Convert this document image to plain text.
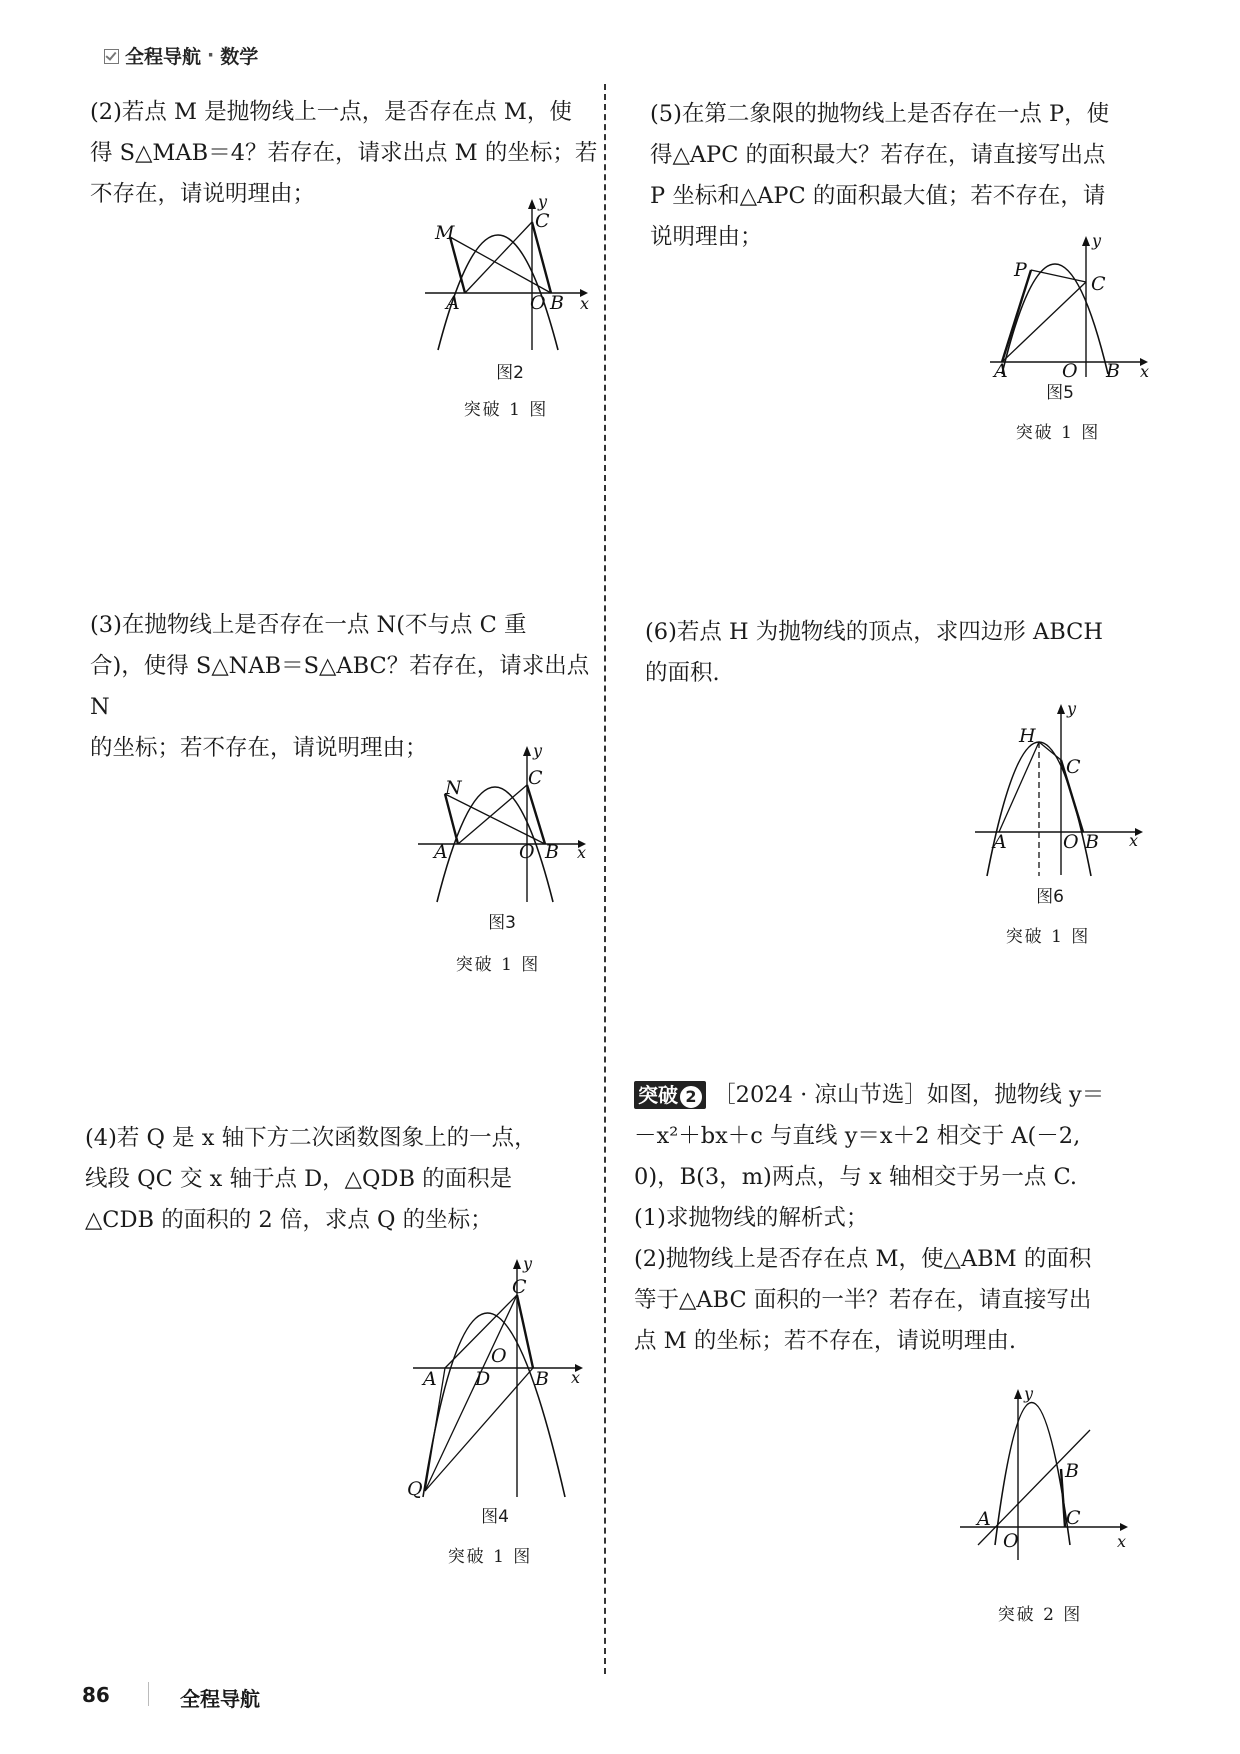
全程导航 · 数学
(2)若点 M 是抛物线上一点，是否存在点 M，使
得 S△MAB＝4？若存在，请求出点 M 的坐标；若
不存在，请说明理由；
M
C
A	O B x
y
图2
突破 1 图
(3)在抛物线上是否存在一点 N(不与点 C 重
合)，使得 S△NAB＝S△ABC？若存在，请求出点 N
的坐标；若不存在，请说明理由；
N	C
A	O B x
y
图3
突破 1 图
(4)若 Q 是 x 轴下方二次函数图象上的一点，
线段 QC 交 x 轴于点 D，△QDB 的面积是
△CDB 的面积的 2 倍，求点 Q 的坐标；
C
O
A D B
Q
x
y
图4
突破 1 图
(5)在第二象限的抛物线上是否存在一点 P，使
得△APC 的面积最大？若存在，请直接写出点
P 坐标和△APC 的面积最大值；若不存在，请
说明理由；
P
C
A	O B x
y
图5
突破 1 图
(6)若点 H 为抛物线的顶点，求四边形 ABCH
的面积.
H
C
A	O B x
y
图6
突破 1 图
突破 2 ［2024 · 凉山节选］如图，抛物线 y＝
－x²＋bx＋c 与直线 y＝x＋2 相交于 A(－2,
0)，B(3，m)两点，与 x 轴相交于另一点 C.
(1)求抛物线的解析式；
(2)抛物线上是否存在点 M，使△ABM 的面积
等于△ABC 面积的一半？若存在，请直接写出
点 M 的坐标；若不存在，请说明理由.
B
A
O
C
x
y
突破 2 图
86	全程导航
